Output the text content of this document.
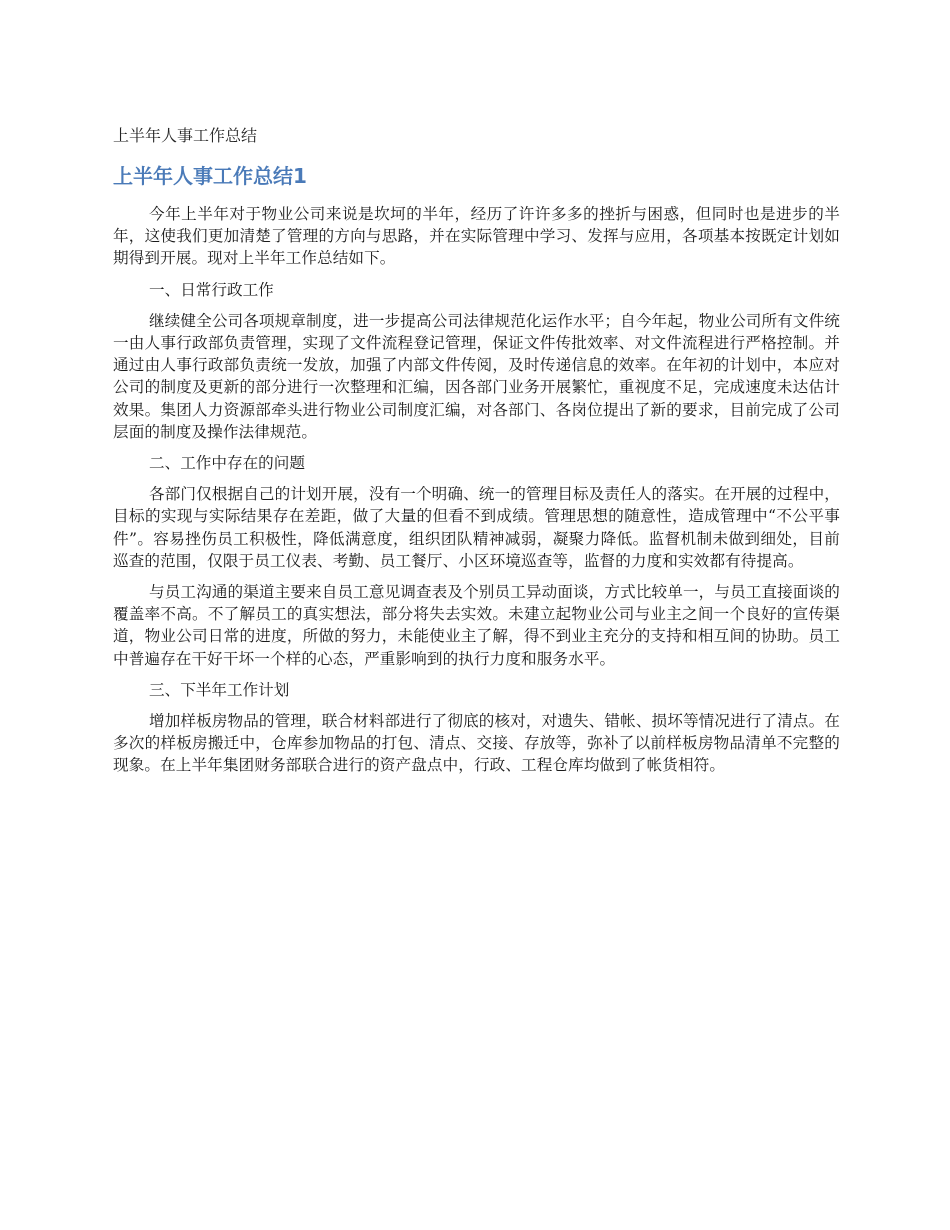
上半年人事工作总结
上半年人事工作总结1

今年上半年对于物业公司来说是坎坷的半年，经历了许许多多的挫折与困惑，但同时也是进步的半年，这使我们更加清楚了管理的方向与思路，并在实际管理中学习、发挥与应用，各项基本按既定计划如期得到开展。现对上半年工作总结如下。

一、日常行政工作

继续健全公司各项规章制度，进一步提高公司法律规范化运作水平；自今年起，物业公司所有文件统一由人事行政部负责管理，实现了文件流程登记管理，保证文件传批效率、对文件流程进行严格控制。并通过由人事行政部负责统一发放，加强了内部文件传阅，及时传递信息的效率。在年初的计划中，本应对公司的制度及更新的部分进行一次整理和汇编，因各部门业务开展繁忙，重视度不足，完成速度未达估计效果。集团人力资源部牵头进行物业公司制度汇编，对各部门、各岗位提出了新的要求，目前完成了公司层面的制度及操作法律规范。

二、工作中存在的问题

各部门仅根据自己的计划开展，没有一个明确、统一的管理目标及责任人的落实。在开展的过程中，目标的实现与实际结果存在差距，做了大量的但看不到成绩。管理思想的随意性，造成管理中“不公平事件”。容易挫伤员工积极性，降低满意度，组织团队精神减弱，凝聚力降低。监督机制未做到细处，目前巡查的范围，仅限于员工仪表、考勤、员工餐厅、小区环境巡查等，监督的力度和实效都有待提高。

与员工沟通的渠道主要来自员工意见调查表及个别员工异动面谈，方式比较单一，与员工直接面谈的覆盖率不高。不了解员工的真实想法，部分将失去实效。未建立起物业公司与业主之间一个良好的宣传渠道，物业公司日常的进度，所做的努力，未能使业主了解，得不到业主充分的支持和相互间的协助。员工中普遍存在干好干坏一个样的心态，严重影响到的执行力度和服务水平。

三、下半年工作计划

增加样板房物品的管理，联合材料部进行了彻底的核对，对遗失、错帐、损坏等情况进行了清点。在多次的样板房搬迁中，仓库参加物品的打包、清点、交接、存放等，弥补了以前样板房物品清单不完整的现象。在上半年集团财务部联合进行的资产盘点中，行政、工程仓库均做到了帐货相符。
